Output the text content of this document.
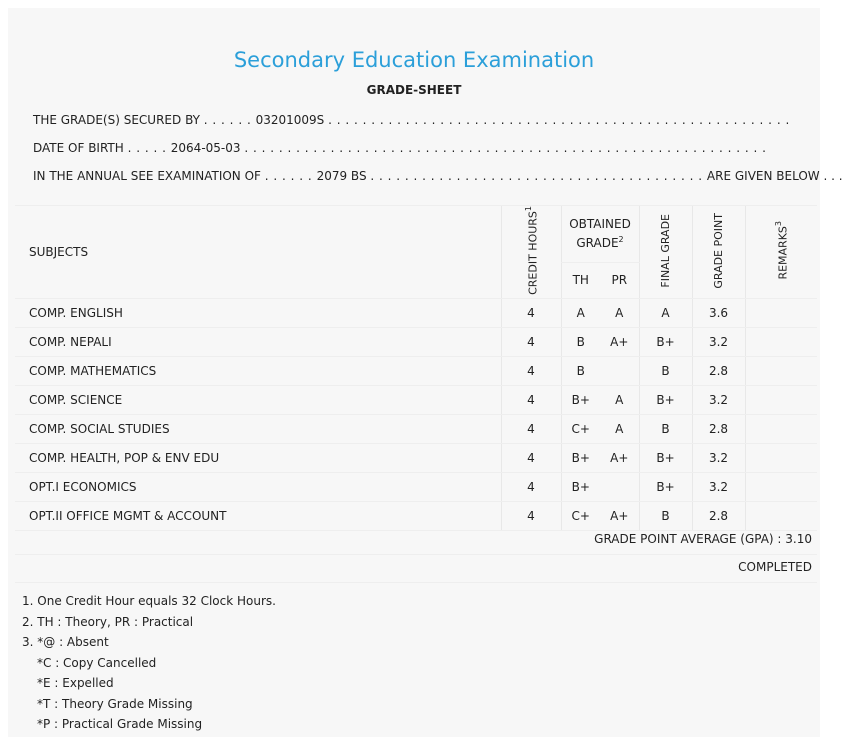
Secondary Education Examination
GRADE-SHEET
THE GRADE(S) SECURED BY . . . . . . 03201009S . . . . . . . . . . . . . . . . . . . . . . . . . . . . . . . . . . . . . . . . . . . . . . . . . . . . . .
DATE OF BIRTH . . . . . 2064-05-03 . . . . . . . . . . . . . . . . . . . . . . . . . . . . . . . . . . . . . . . . . . . . . . . . . . . . . . . . . . . . .
IN THE ANNUAL SEE EXAMINATION OF . . . . . . 2079 BS . . . . . . . . . . . . . . . . . . . . . . . . . . . . . . . . . . . . . . . ARE GIVEN BELOW . . .
SUBJECTS	CREDIT HOURS$^1$	OBTAINED GRADE$^2$		FINAL GRADE	GRADE POINT	REMARKS$^3$
		TH	PR			
COMP. ENGLISH	4	A	A	A	3.6	
COMP. NEPALI	4	B	A+	B+	3.2	
COMP. MATHEMATICS	4	B		B	2.8	
COMP. SCIENCE	4	B+	A	B+	3.2	
COMP. SOCIAL STUDIES	4	C+	A	B	2.8	
COMP. HEALTH, POP & ENV EDU	4	B+	A+	B+	3.2	
OPT.I ECONOMICS	4	B+		B+	3.2	
OPT.II OFFICE MGMT & ACCOUNT	4	C+	A+	B	2.8	
GRADE POINT AVERAGE (GPA) : 3.10
COMPLETED
1. One Credit Hour equals 32 Clock Hours.
2. TH : Theory, PR : Practical
3. *@ : Absent
*C : Copy Cancelled
*E : Expelled
*T : Theory Grade Missing
*P : Practical Grade Missing
